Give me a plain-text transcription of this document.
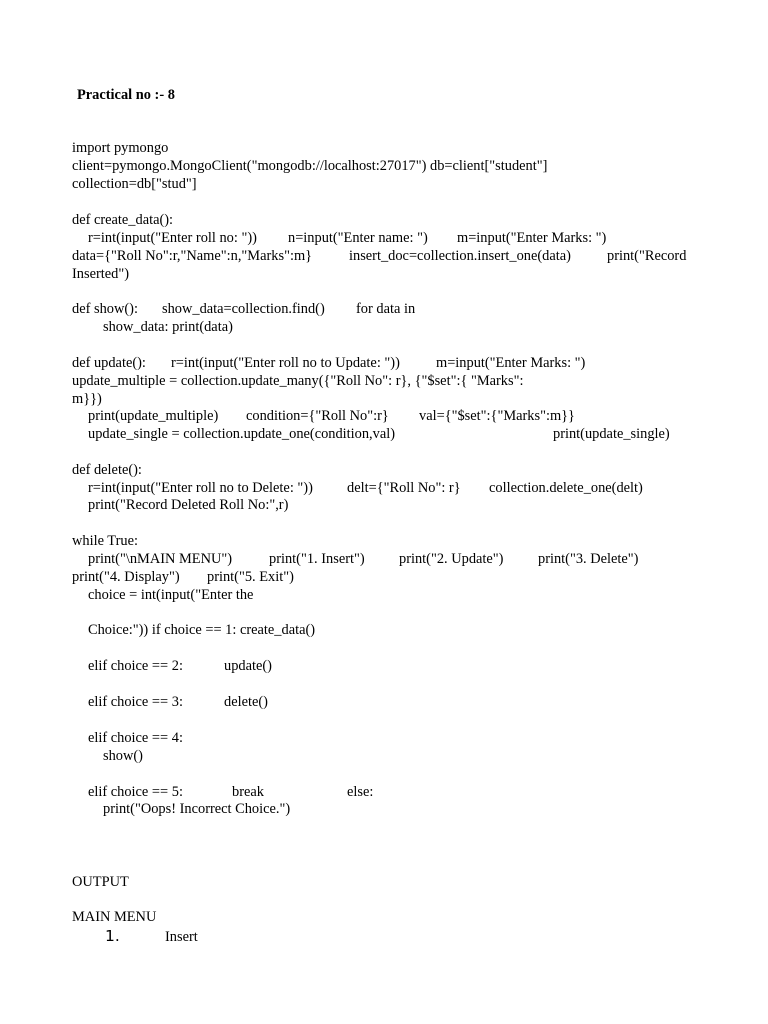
Practical no :- 8
import pymongo
client=pymongo.MongoClient("mongodb://localhost:27017") db=client["student"]
collection=db["stud"]
def create_data():
r=int(input("Enter roll no: ")) n=input("Enter name: ") m=input("Enter Marks: ")
data={"Roll No":r,"Name":n,"Marks":m}	insert_doc=collection.insert_one(data)	print("Record
Inserted")
def show(): show_data=collection.find() for data in
show_data: print(data)
def update(): r=int(input("Enter roll no to Update: "))	m=input("Enter Marks: ")
update_multiple = collection.update_many({"Roll No": r}, {"$set":{ "Marks":
m}})
print(update_multiple) condition={"Roll No":r} val={"$set":{"Marks":m}}
update_single = collection.update_one(condition,val)	print(update_single)
def delete():
r=int(input("Enter roll no to Delete: ")) delt={"Roll No": r} collection.delete_one(delt)
print("Record Deleted Roll No:",r)
while True:
print("\nMAIN MENU")	print("1. Insert") print("2. Update") print("3. Delete")
print("4. Display") print("5. Exit")
choice = int(input("Enter the
Choice:")) if choice == 1: create_data()
elif choice == 2:	update()
elif choice == 3:	delete()
elif choice == 4:
show()
elif choice == 5:	break	else:
print("Oops! Incorrect Choice.")
OUTPUT
MAIN MENU
1.	Insert
